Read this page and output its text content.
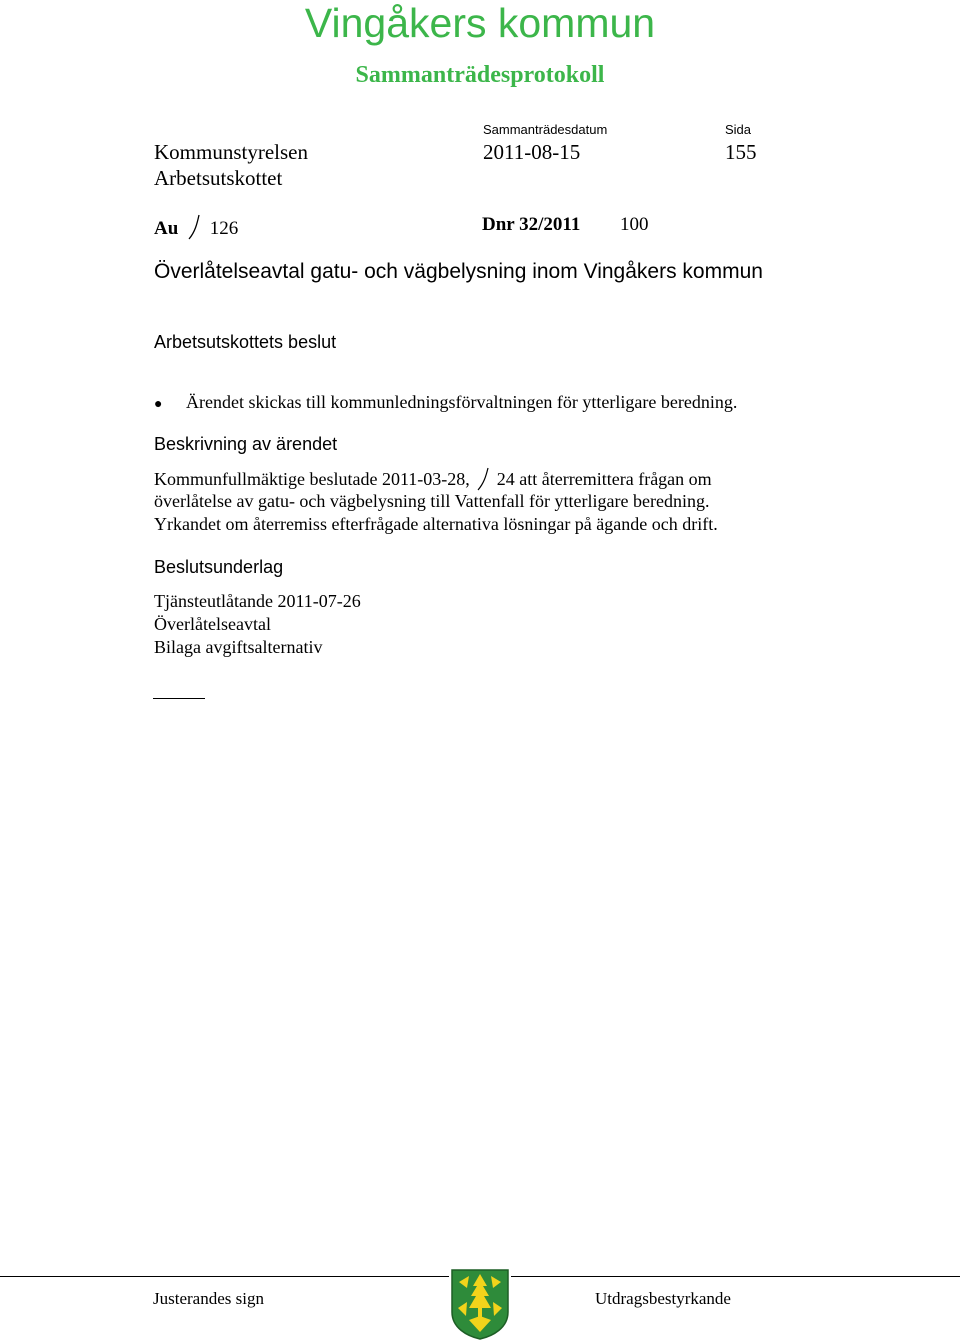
Vingåkers kommun
Sammanträdesprotokoll
Kommunstyrelsen
Arbetsutskottet
Sammanträdesdatum
2011-08-15
Sida
155
Au 126	Dnr 32/2011 100
Överlåtelseavtal gatu- och vägbelysning inom Vingåkers kommun
Arbetsutskottets beslut
● Ärendet skickas till kommunledningsförvaltningen för ytterligare beredning.
Beskrivning av ärendet
Kommunfullmäktige beslutade 2011-03-28, 24 att återremittera frågan om
överlåtelse av gatu- och vägbelysning till Vattenfall för ytterligare beredning.
Yrkandet om återremiss efterfrågade alternativa lösningar på ägande och drift.
Beslutsunderlag
Tjänsteutlåtande 2011-07-26
Överlåtelseavtal
Bilaga avgiftsalternativ
Justerandes sign	Utdragsbestyrkande
